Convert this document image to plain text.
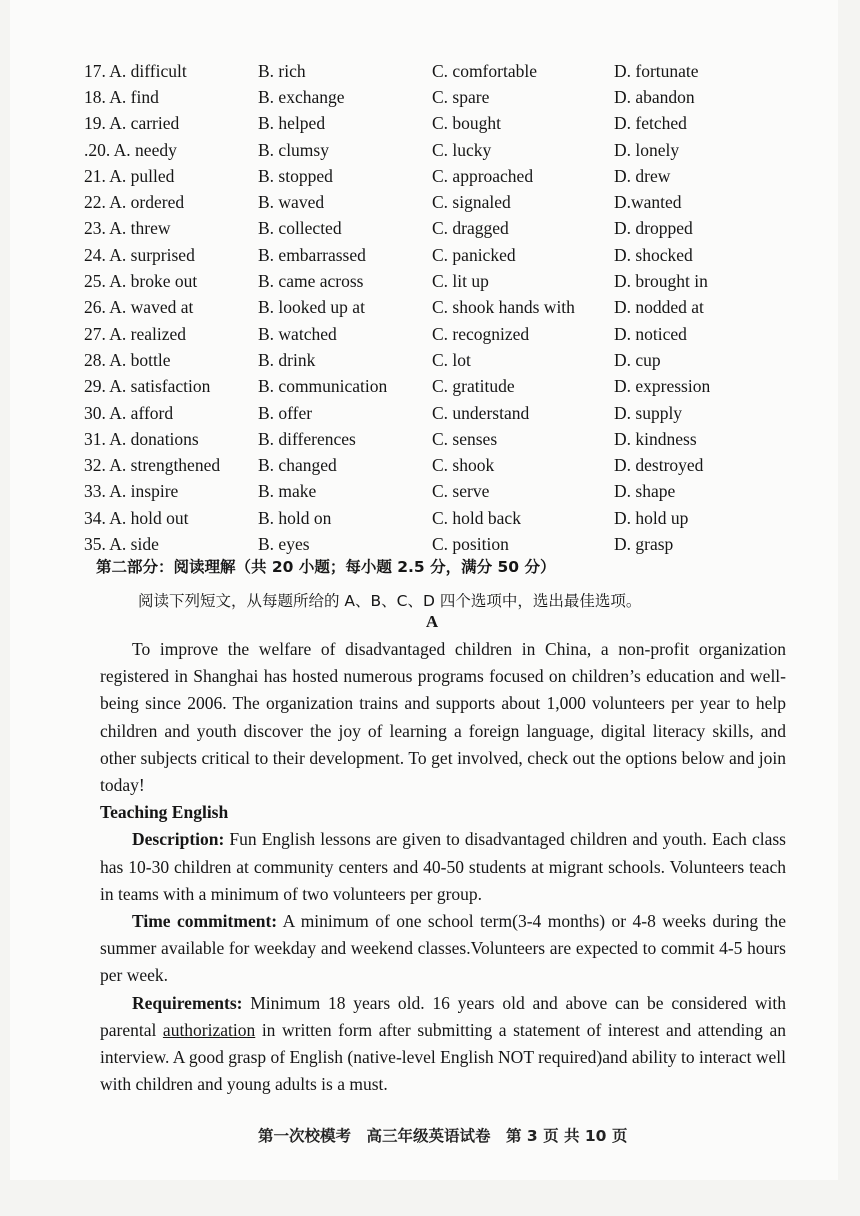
17. A. difficult	B. rich	C. comfortable	D. fortunate
18. A. find	B. exchange	C. spare	D. abandon
19. A. carried	B. helped	C. bought	D. fetched
.20. A. needy	B. clumsy	C. lucky	D. lonely
21. A. pulled	B. stopped	C. approached	D. drew
22. A. ordered	B. waved	C. signaled	D.wanted
23. A. threw	B. collected	C. dragged	D. dropped
24. A. surprised	B. embarrassed	C. panicked	D. shocked
25. A. broke out	B. came across	C. lit up	D. brought in
26. A. waved at	B. looked up at	C. shook hands with	D. nodded at
27. A. realized	B. watched	C. recognized	D. noticed
28. A. bottle	B. drink	C. lot	D. cup
29. A. satisfaction	B. communication	C. gratitude	D. expression
30. A. afford	B. offer	C. understand	D. supply
31. A. donations	B. differences	C. senses	D. kindness
32. A. strengthened	B. changed	C. shook	D. destroyed
33. A. inspire	B. make	C. serve	D. shape
34. A. hold out	B. hold on	C. hold back	D. hold up
35. A. side	B. eyes	C. position	D. grasp
第二部分：阅读理解（共 20 小题；每小题 2.5 分，满分 50 分）
阅读下列短文，从每题所给的 A、B、C、D 四个选项中，选出最佳选项。
A

To improve the welfare of disadvantaged children in China, a non-profit organization registered in Shanghai has hosted numerous programs focused on children’s education and well-being since 2006. The organization trains and supports about 1,000 volunteers per year to help children and youth discover the joy of learning a foreign language, digital literacy skills, and other subjects critical to their development. To get involved, check out the options below and join today!

Teaching English

Description: Fun English lessons are given to disadvantaged children and youth. Each class has 10-30 children at community centers and 40-50 students at migrant schools. Volunteers teach in teams with a minimum of two volunteers per group.

Time commitment: A minimum of one school term(3-4 months) or 4-8 weeks during the summer available for weekday and weekend classes.Volunteers are expected to commit 4-5 hours per week.

Requirements: Minimum 18 years old. 16 years old and above can be considered with parental authorization in written form after submitting a statement of interest and attending an interview. A good grasp of English (native-level English NOT required)and ability to interact well with children and young adults is a must.

第一次校模考　高三年级英语试卷　第 3 页 共 10 页
